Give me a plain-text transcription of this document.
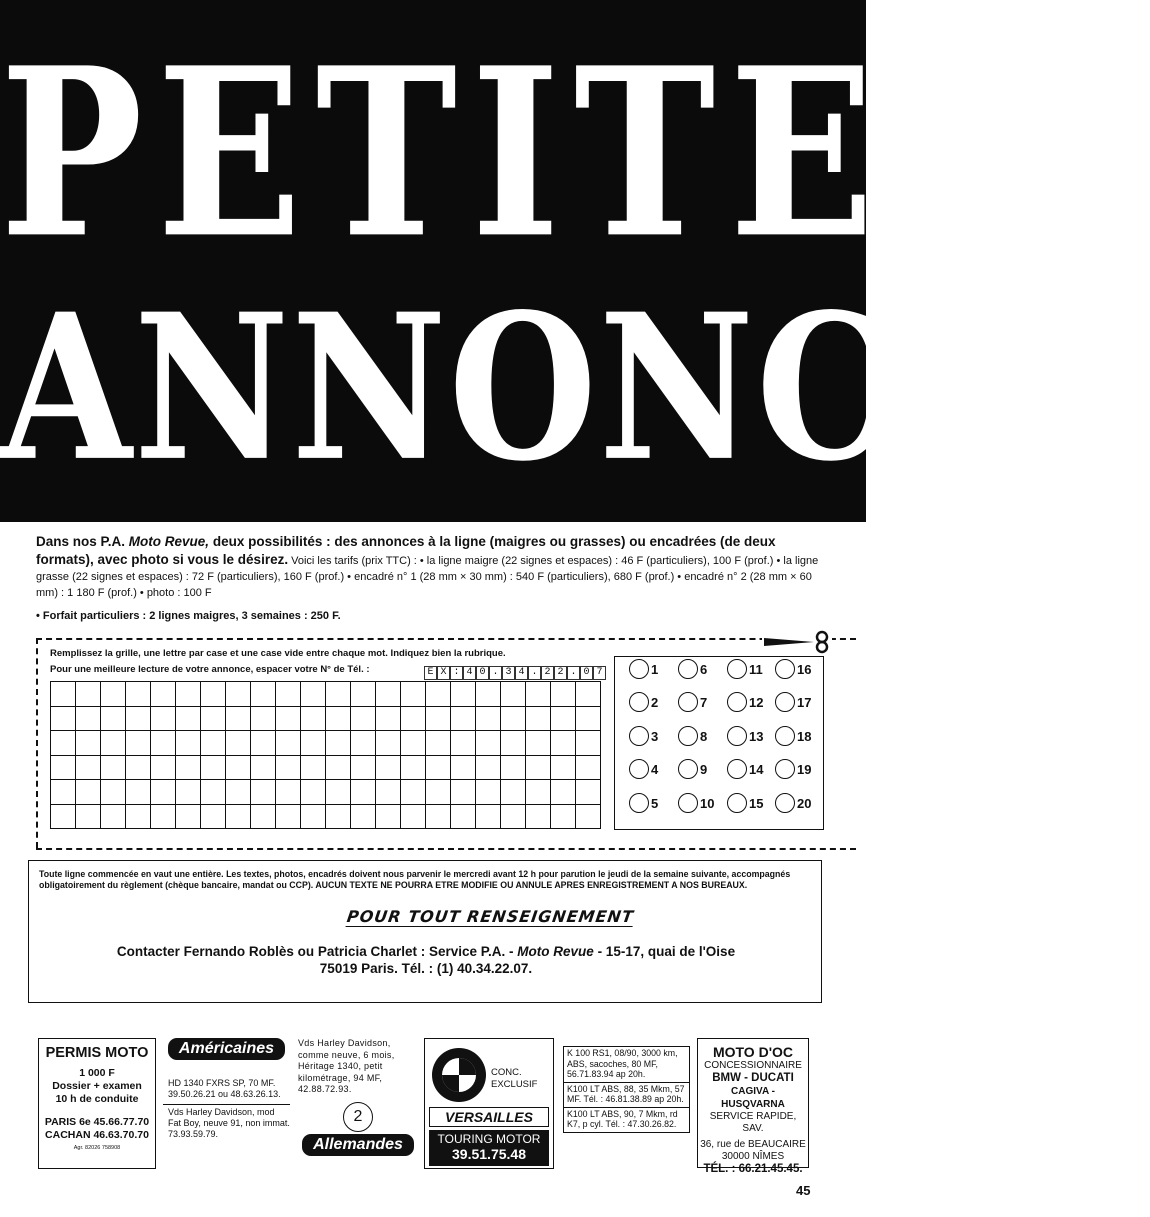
PETITES
ANNONCES
Dans nos P.A. Moto Revue, deux possibilités : des annonces à la ligne (maigres ou grasses) ou encadrées (de deux formats), avec photo si vous le désirez. Voici les tarifs (prix TTC) : • la ligne maigre (22 signes et espaces) : 46 F (particuliers), 100 F (prof.) • la ligne grasse (22 signes et espaces) : 72 F (particuliers), 160 F (prof.) • encadré n° 1 (28 mm × 30 mm) : 540 F (particuliers), 680 F (prof.) • encadré n° 2 (28 mm × 60 mm) : 1 180 F (prof.) • photo : 100 F
• Forfait particuliers : 2 lignes maigres, 3 semaines : 250 F.
Remplissez la grille, une lettre par case et une case vide entre chaque mot. Indiquez bien la rubrique.
Pour une meilleure lecture de votre annonce, espacer votre N° de Tél. :	E X : 4 0 . 3 4 . 2 2 . 0 7	1
2
3
4
5
6
7
8
9
10
11
12
13
14
15
16
17
18
19
20
Toute ligne commencée en vaut une entière. Les textes, photos, encadrés doivent nous parvenir le mercredi avant 12 h pour parution le jeudi de la semaine suivante, accompagnés obligatoirement du règlement (chèque bancaire, mandat ou CCP). AUCUN TEXTE NE POURRA ETRE MODIFIE OU ANNULE APRES ENREGISTREMENT A NOS BUREAUX.
POUR TOUT RENSEIGNEMENT
Contacter Fernando Roblès ou Patricia Charlet : Service P.A. - Moto Revue - 15-17, quai de l'Oise
75019 Paris. Tél. : (1) 40.34.22.07.
PERMIS MOTO
1 000 F
Dossier + examen
10 h de conduite
PARIS 6e 45.66.77.70
CACHAN 46.63.70.70
Agr. 82026 758908
Américaines
HD 1340 FXRS SP, 70 MF. 39.50.26.21 ou 48.63.26.13.
Vds Harley Davidson, mod Fat Boy, neuve 91, non immat. 73.93.59.79.
Vds Harley Davidson, comme neuve, 6 mois, Héritage 1340, petit kilométrage, 94 MF, 42.88.72.93.
2
Allemandes
CONC.
EXCLUSIF
VERSAILLES
TOURING MOTOR
39.51.75.48
K 100 RS1, 08/90, 3000 km, ABS, sacoches, 80 MF, 56.71.83.94 ap 20h.
K100 LT ABS, 88, 35 Mkm, 57 MF. Tél. : 46.81.38.89 ap 20h.
K100 LT ABS, 90, 7 Mkm, rd K7, p cyl. Tél. : 47.30.26.82.
MOTO D'OC
CONCESSIONNAIRE
BMW - DUCATI
CAGIVA - HUSQVARNA
SERVICE RAPIDE, SAV.
36, rue de BEAUCAIRE
30000 NÎMES
TÉL. : 66.21.45.45.
45
